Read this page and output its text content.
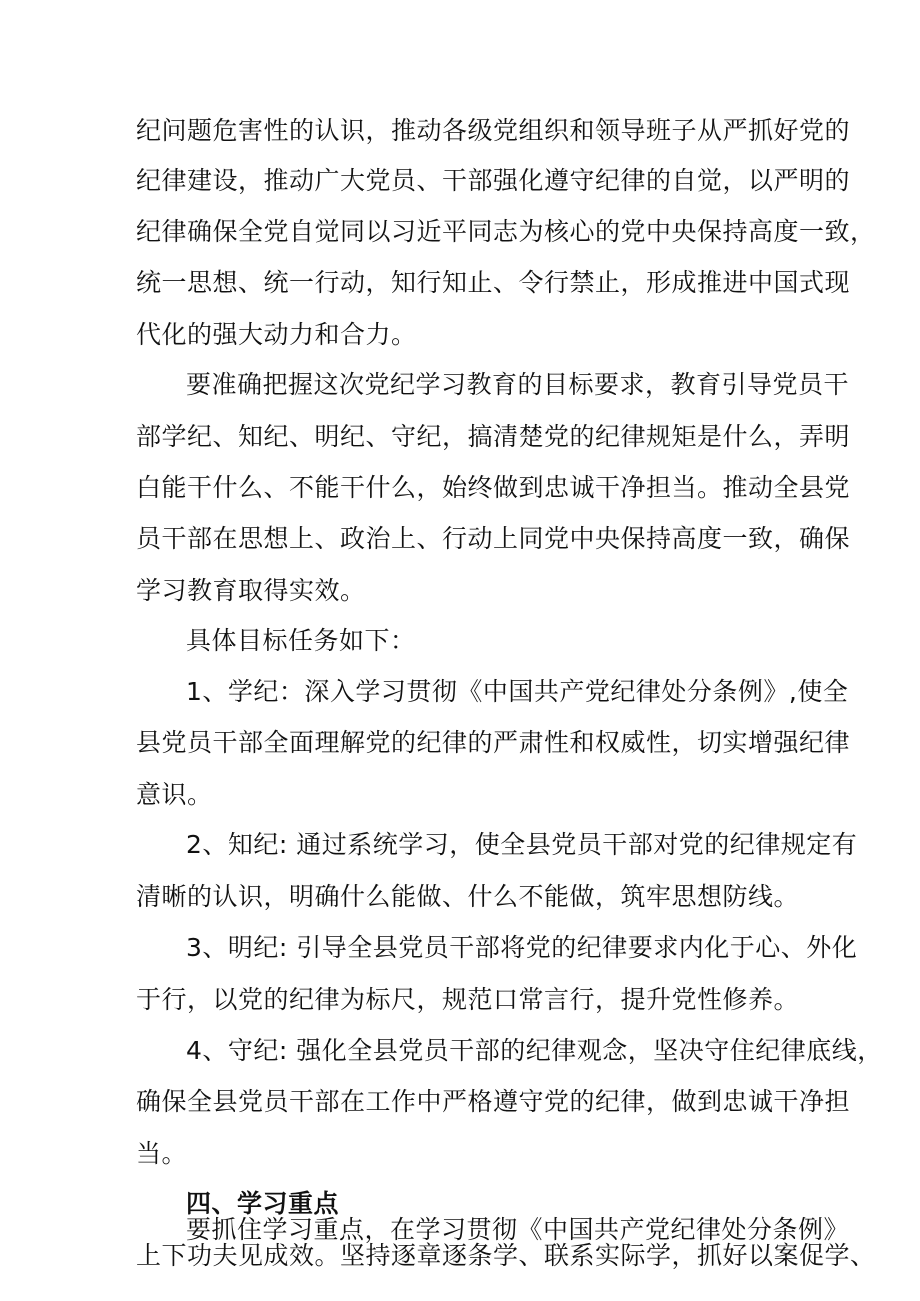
纪问题危害性的认识，推动各级党组织和领导班子从严抓好党的
纪律建设，推动广大党员、干部强化遵守纪律的自觉，以严明的
纪律确保全党自觉同以习近平同志为核心的党中央保持高度一致，
统一思想、统一行动，知行知止、令行禁止，形成推进中国式现
代化的强大动力和合力。
要准确把握这次党纪学习教育的目标要求，教育引导党员干
部学纪、知纪、明纪、守纪，搞清楚党的纪律规矩是什么，弄明
白能干什么、不能干什么，始终做到忠诚干净担当。推动全县党
员干部在思想上、政治上、行动上同党中央保持高度一致，确保
学习教育取得实效。
具体目标任务如下：
1、学纪：深入学习贯彻《中国共产党纪律处分条例》,使全
县党员干部全面理解党的纪律的严肃性和权威性，切实增强纪律
意识。
2、知纪: 通过系统学习，使全县党员干部对党的纪律规定有
清晰的认识，明确什么能做、什么不能做，筑牢思想防线。
3、明纪: 引导全县党员干部将党的纪律要求内化于心、外化
于行，以党的纪律为标尺，规范口常言行，提升党性修养。
4、守纪: 强化全县党员干部的纪律观念，坚决守住纪律底线，
确保全县党员干部在工作中严格遵守党的纪律，做到忠诚干净担
当。
四、学习重点
要抓住学习重点，在学习贯彻《中国共产党纪律处分条例》
上下功夫见成效。坚持逐章逐条学、联系实际学，抓好以案促学、
